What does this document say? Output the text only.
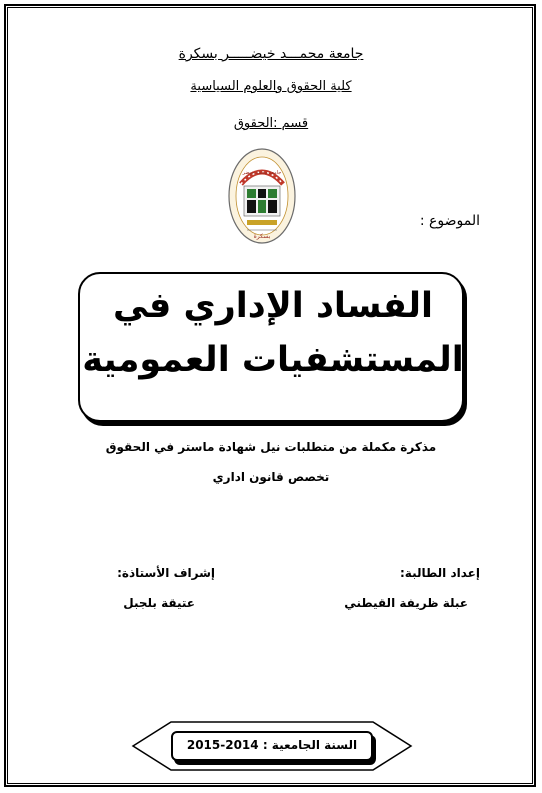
جامعة محمـــد خيضـــــر بسكرة
كلية الحقوق والعلوم السياسية
قسم :الحقوق
جامعة محمد خيضر
بسكرة
الموضوع :
الفساد الإداري في
المستشفيات العمومية
مذكرة مكملة من متطلبات نيل شهادة ماستر في الحقوق
تخصص قانون اداري
إعداد الطالبة:
عبلة ظريفة القيطني
إشراف الأستاذة:
عتيقة بلجبل
السنة الجامعية : 2014-2015
